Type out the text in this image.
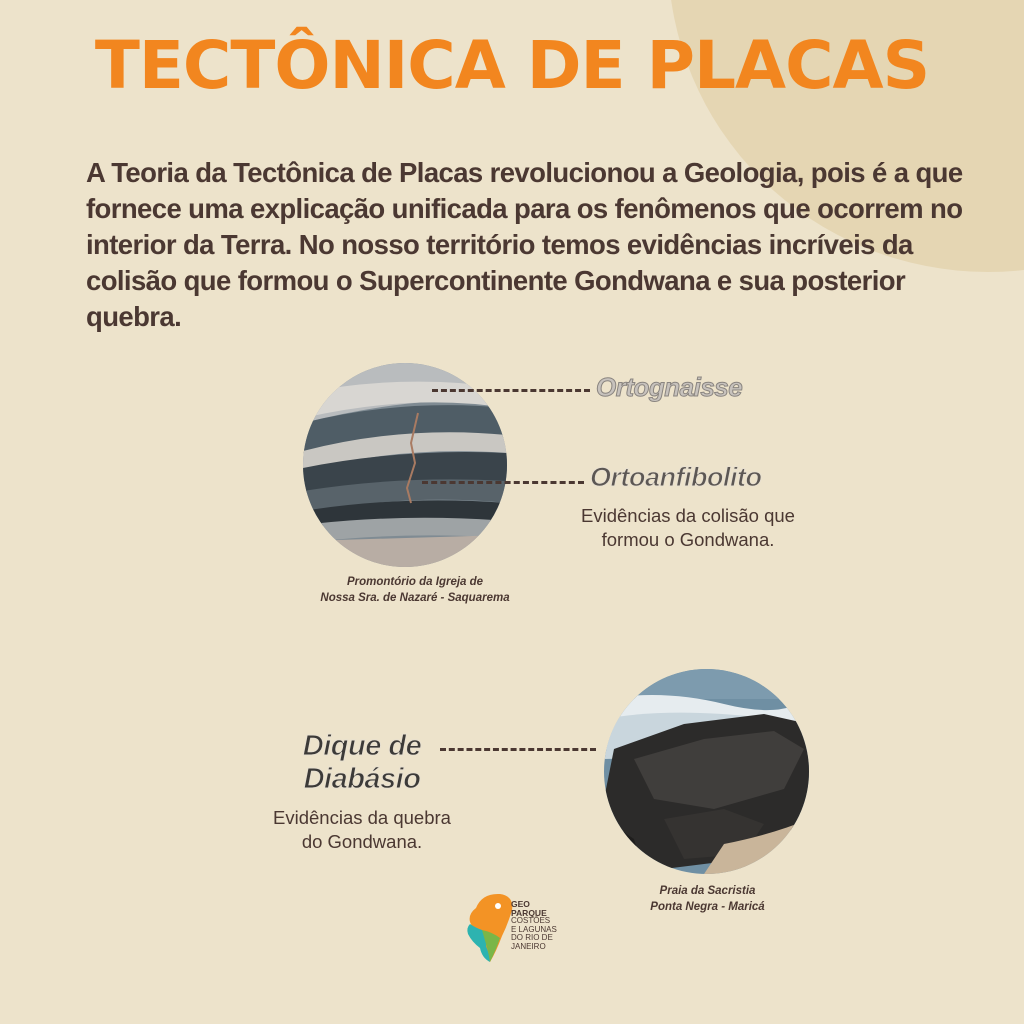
TECTÔNICA DE PLACAS

A Teoria da Tectônica de Placas revolucionou a Geologia, pois é a que fornece uma explicação unificada para os fenômenos que ocorrem no interior da Terra. No nosso território temos evidências incríveis da colisão que formou o Supercontinente Gondwana e sua posterior quebra.

Ortognaisse
Ortoanfibolito
Evidências da colisão que
formou o Gondwana.
Promontório da Igreja de
Nossa Sra. de Nazaré - Saquarema
Dique de
Diabásio
Evidências da quebra
do Gondwana.
Praia da Sacristia
Ponta Negra - Maricá
GEO
PARQUE
COSTÕES
E LAGUNAS
DO RIO DE
JANEIRO
